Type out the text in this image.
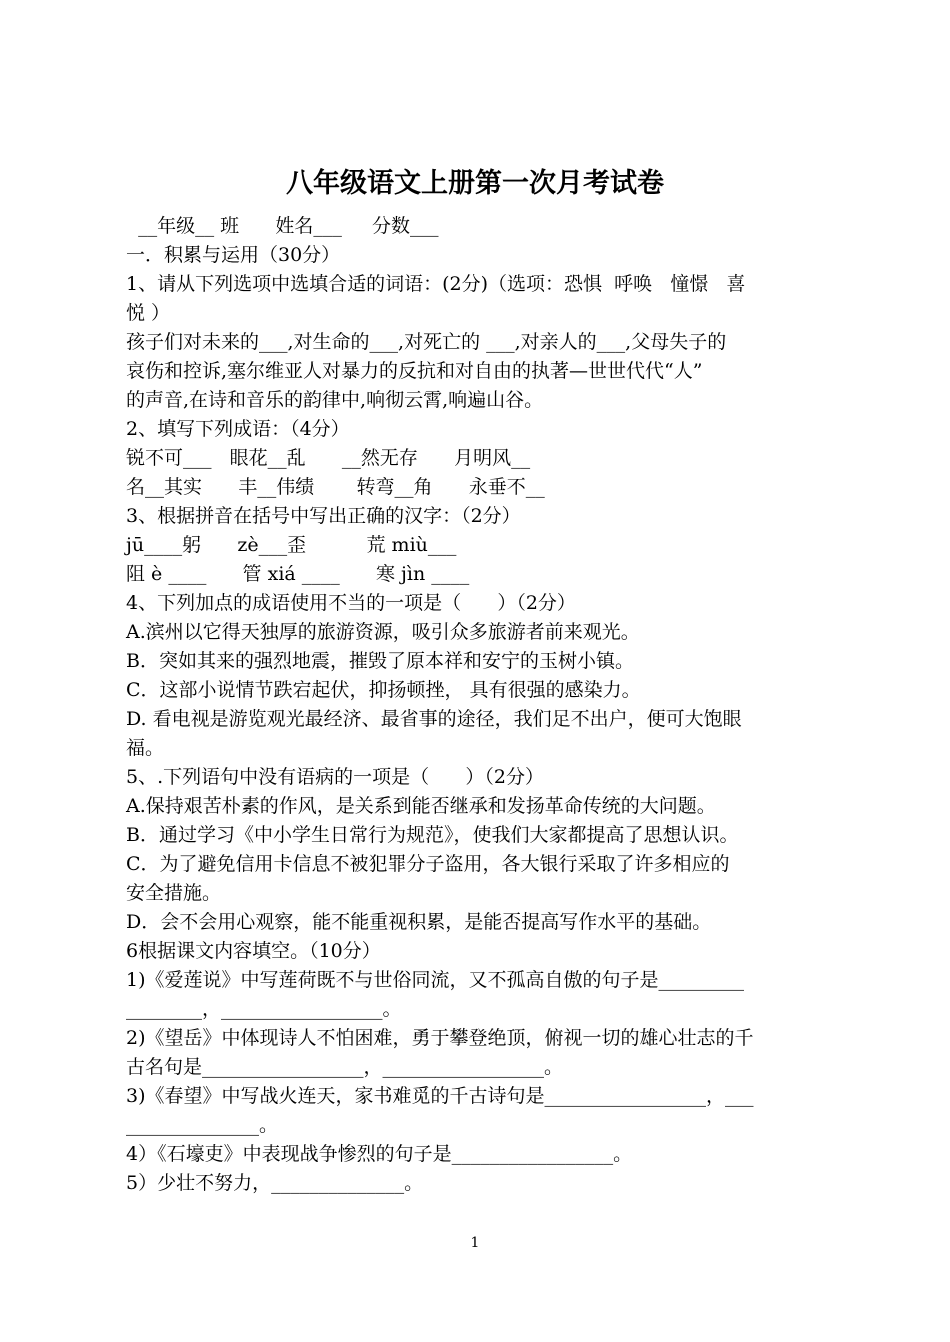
八年级语文上册第一次月考试卷
__年级__ 班      姓名___     分数___
一．积累与运用（30分）
1、请从下列选项中选填合适的词语：(2分)（选项：恐惧  呼唤   憧憬   喜
悦 ）
孩子们对未来的___,对生命的___,对死亡的 ___,对亲人的___,父母失子的
哀伤和控诉,塞尔维亚人对暴力的反抗和对自由的执著—世世代代“人”
的声音,在诗和音乐的韵律中,响彻云霄,响遍山谷。
2、填写下列成语：（4分）
锐不可___   眼花__乱      __然无存      月明风__
名__其实      丰__伟绩       转弯__角      永垂不__
3、根据拼音在括号中写出正确的汉字：（2分）
jū____躬      zè___歪          荒 miù___
阻 è ____      管 xiá ____      寒 jìn ____
4、下列加点的成语使用不当的一项是（      ）（2分）
A.滨州以它得天独厚的旅游资源，吸引众多旅游者前来观光。
B．突如其来的强烈地震，摧毁了原本祥和安宁的玉树小镇。
C．这部小说情节跌宕起伏，抑扬顿挫， 具有很强的感染力。
D. 看电视是游览观光最经济、最省事的途径，我们足不出户，便可大饱眼
福。
5、.下列语句中没有语病的一项是（      ）（2分）
A.保持艰苦朴素的作风，是关系到能否继承和发扬革命传统的大问题。
B．通过学习《中小学生日常行为规范》，使我们大家都提高了思想认识。
C．为了避免信用卡信息不被犯罪分子盗用，各大银行采取了许多相应的
安全措施。
D．会不会用心观察，能不能重视积累，是能否提高写作水平的基础。
6根据课文内容填空。（10分）
1)《爱莲说》中写莲荷既不与世俗同流，又不孤高自傲的句子是_________
________，_________________。
2)《望岳》中体现诗人不怕困难，勇于攀登绝顶，俯视一切的雄心壮志的千
古名句是_________________，_________________。
3)《春望》中写战火连天，家书难觅的千古诗句是_________________，___
______________。
4）《石壕吏》中表现战争惨烈的句子是_________________。
5）少壮不努力，______________。
1
